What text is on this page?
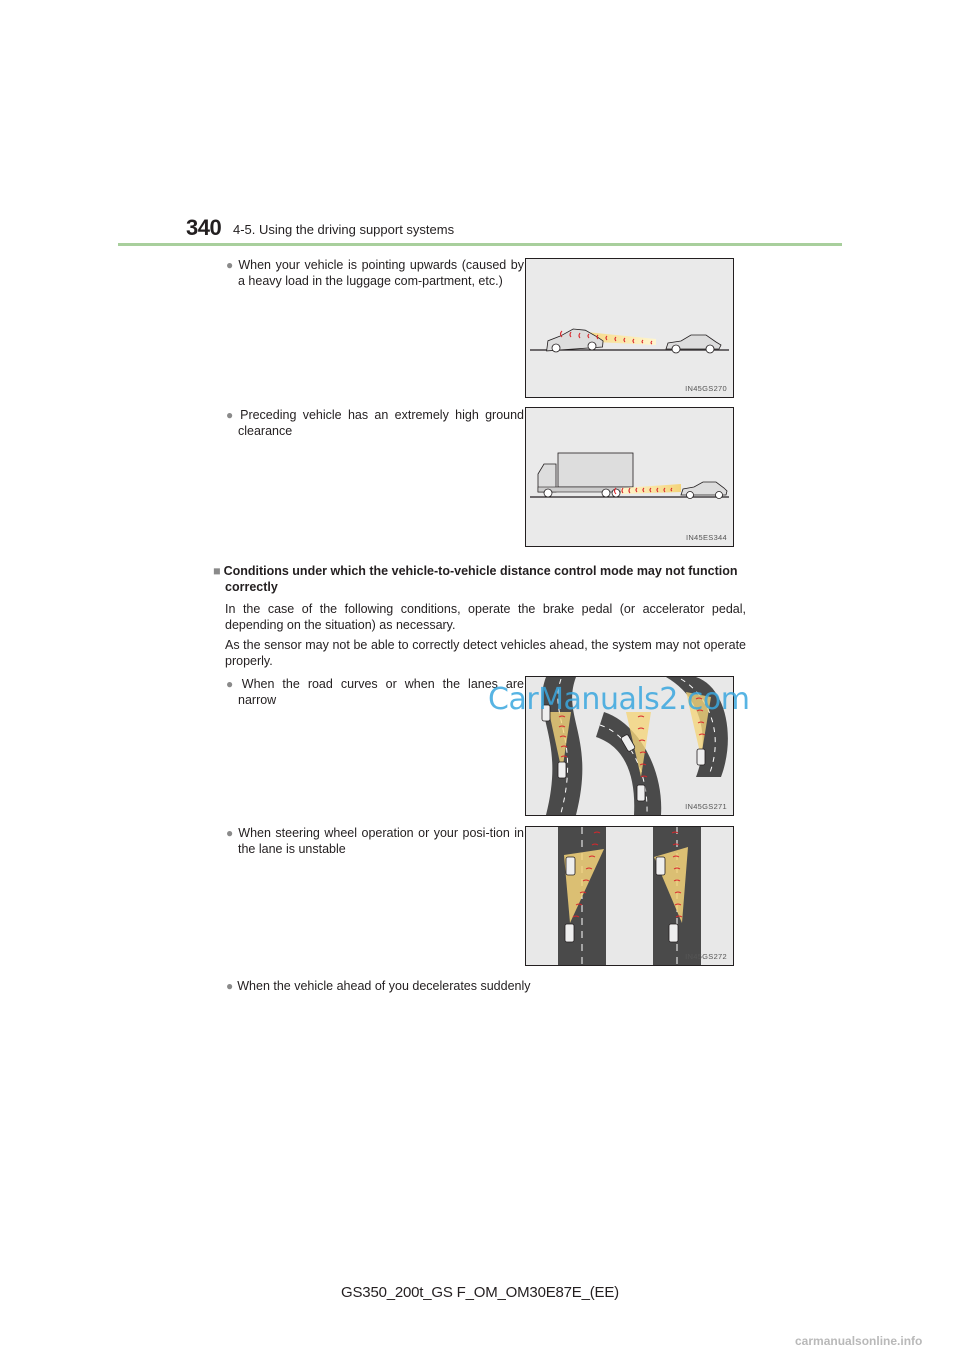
340 4-5. Using the driving support systems
● When your vehicle is pointing upwards (caused by a heavy load in the luggage com-partment, etc.)
IN45GS270
● Preceding vehicle has an extremely high ground clearance
IN45ES344
■ Conditions under which the vehicle-to-vehicle distance control mode may not function correctly
In the case of the following conditions, operate the brake pedal (or accelerator pedal, depending on the situation) as necessary.
As the sensor may not be able to correctly detect vehicles ahead, the system may not operate properly.
● When the road curves or when the lanes are narrow
IN45GS271
● When steering wheel operation or your posi-tion in the lane is unstable
IN45GS272
● When the vehicle ahead of you decelerates suddenly
CarManuals2.com
GS350_200t_GS F_OM_OM30E87E_(EE)
carmanualsonline.info
